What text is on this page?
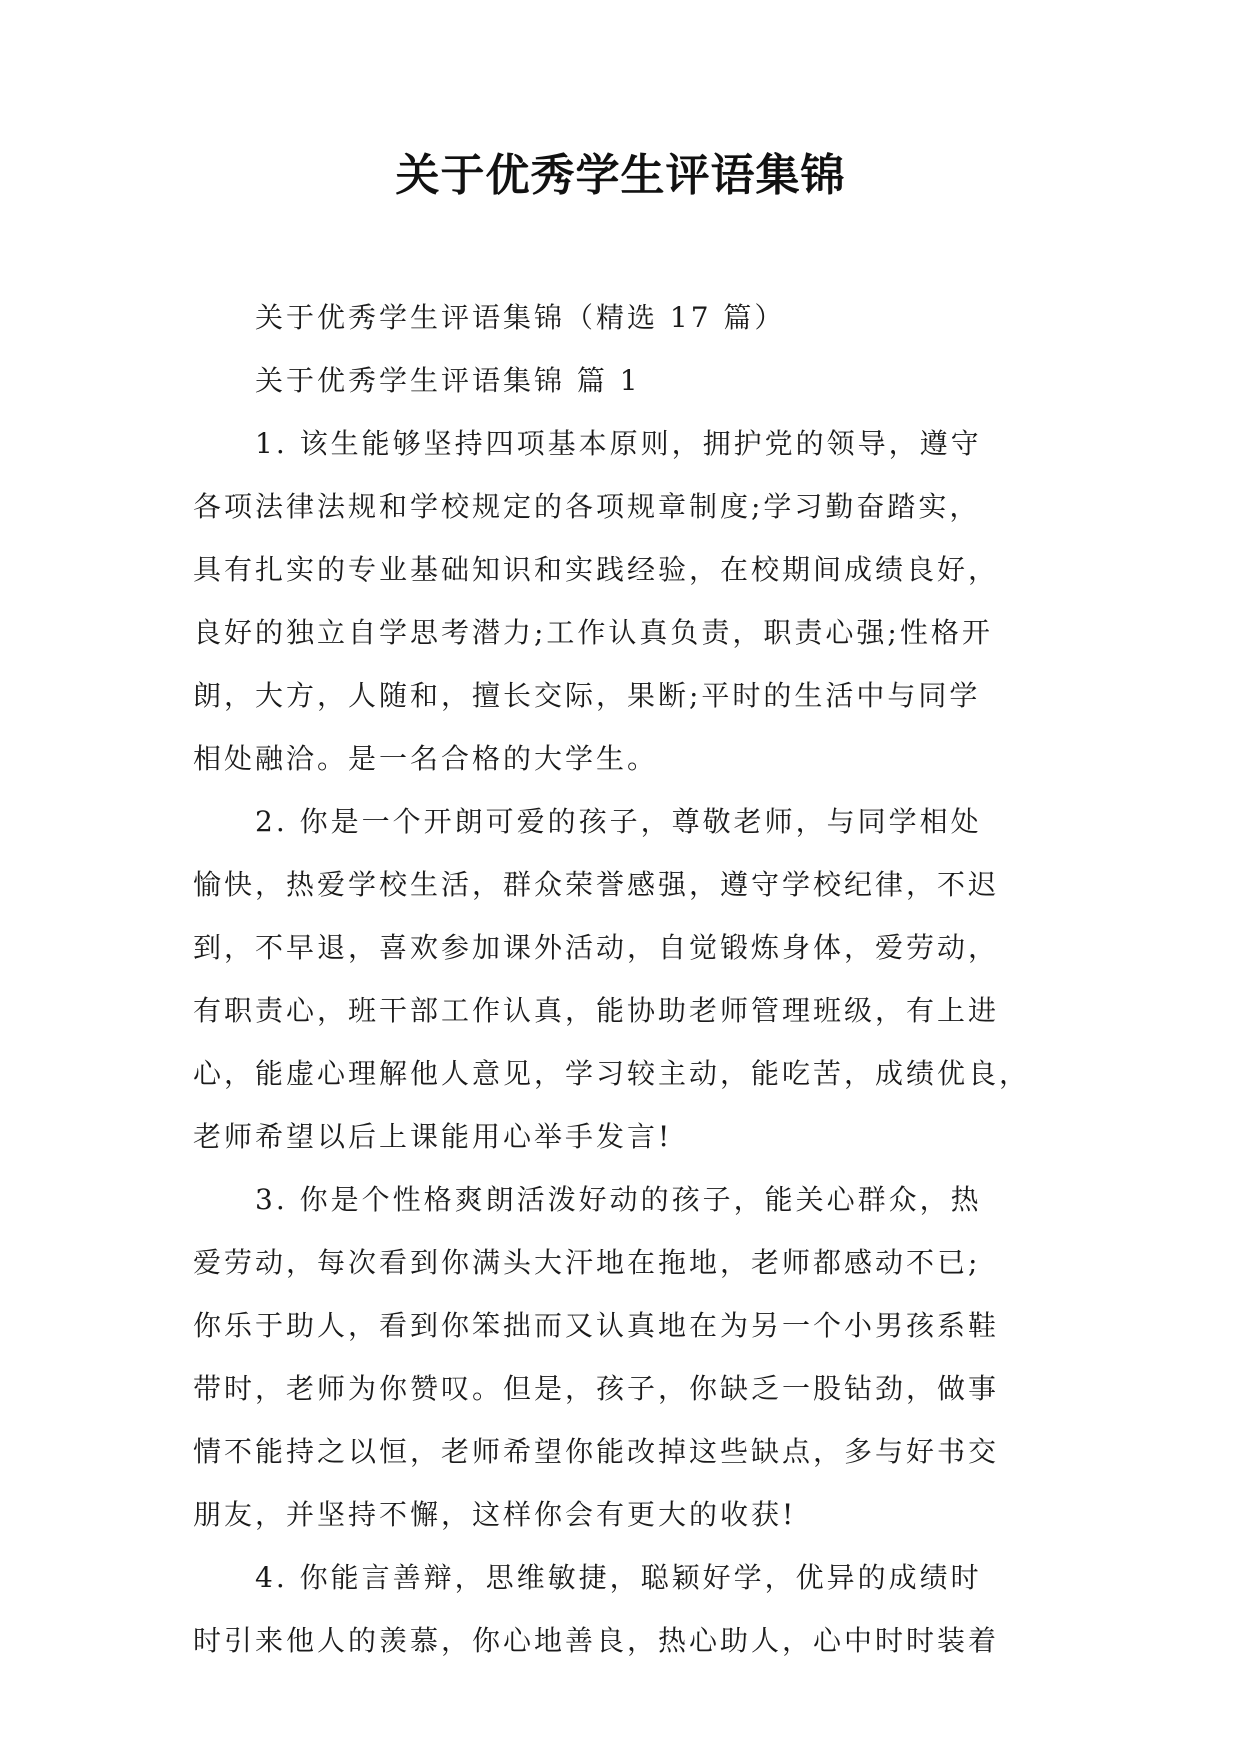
关于优秀学生评语集锦
关于优秀学生评语集锦（精选 17 篇）
关于优秀学生评语集锦 篇 1
1. 该生能够坚持四项基本原则，拥护党的领导，遵守
各项法律法规和学校规定的各项规章制度;学习勤奋踏实，
具有扎实的专业基础知识和实践经验，在校期间成绩良好，
良好的独立自学思考潜力;工作认真负责，职责心强;性格开
朗，大方，人随和，擅长交际，果断;平时的生活中与同学
相处融洽。是一名合格的大学生。
2. 你是一个开朗可爱的孩子，尊敬老师，与同学相处
愉快，热爱学校生活，群众荣誉感强，遵守学校纪律，不迟
到，不早退，喜欢参加课外活动，自觉锻炼身体，爱劳动，
有职责心，班干部工作认真，能协助老师管理班级，有上进
心，能虚心理解他人意见，学习较主动，能吃苦，成绩优良，
老师希望以后上课能用心举手发言!
3. 你是个性格爽朗活泼好动的孩子，能关心群众，热
爱劳动，每次看到你满头大汗地在拖地，老师都感动不已;
你乐于助人，看到你笨拙而又认真地在为另一个小男孩系鞋
带时，老师为你赞叹。但是，孩子，你缺乏一股钻劲，做事
情不能持之以恒，老师希望你能改掉这些缺点，多与好书交
朋友，并坚持不懈，这样你会有更大的收获!
4. 你能言善辩，思维敏捷，聪颖好学，优异的成绩时
时引来他人的羡慕，你心地善良，热心助人，心中时时装着
